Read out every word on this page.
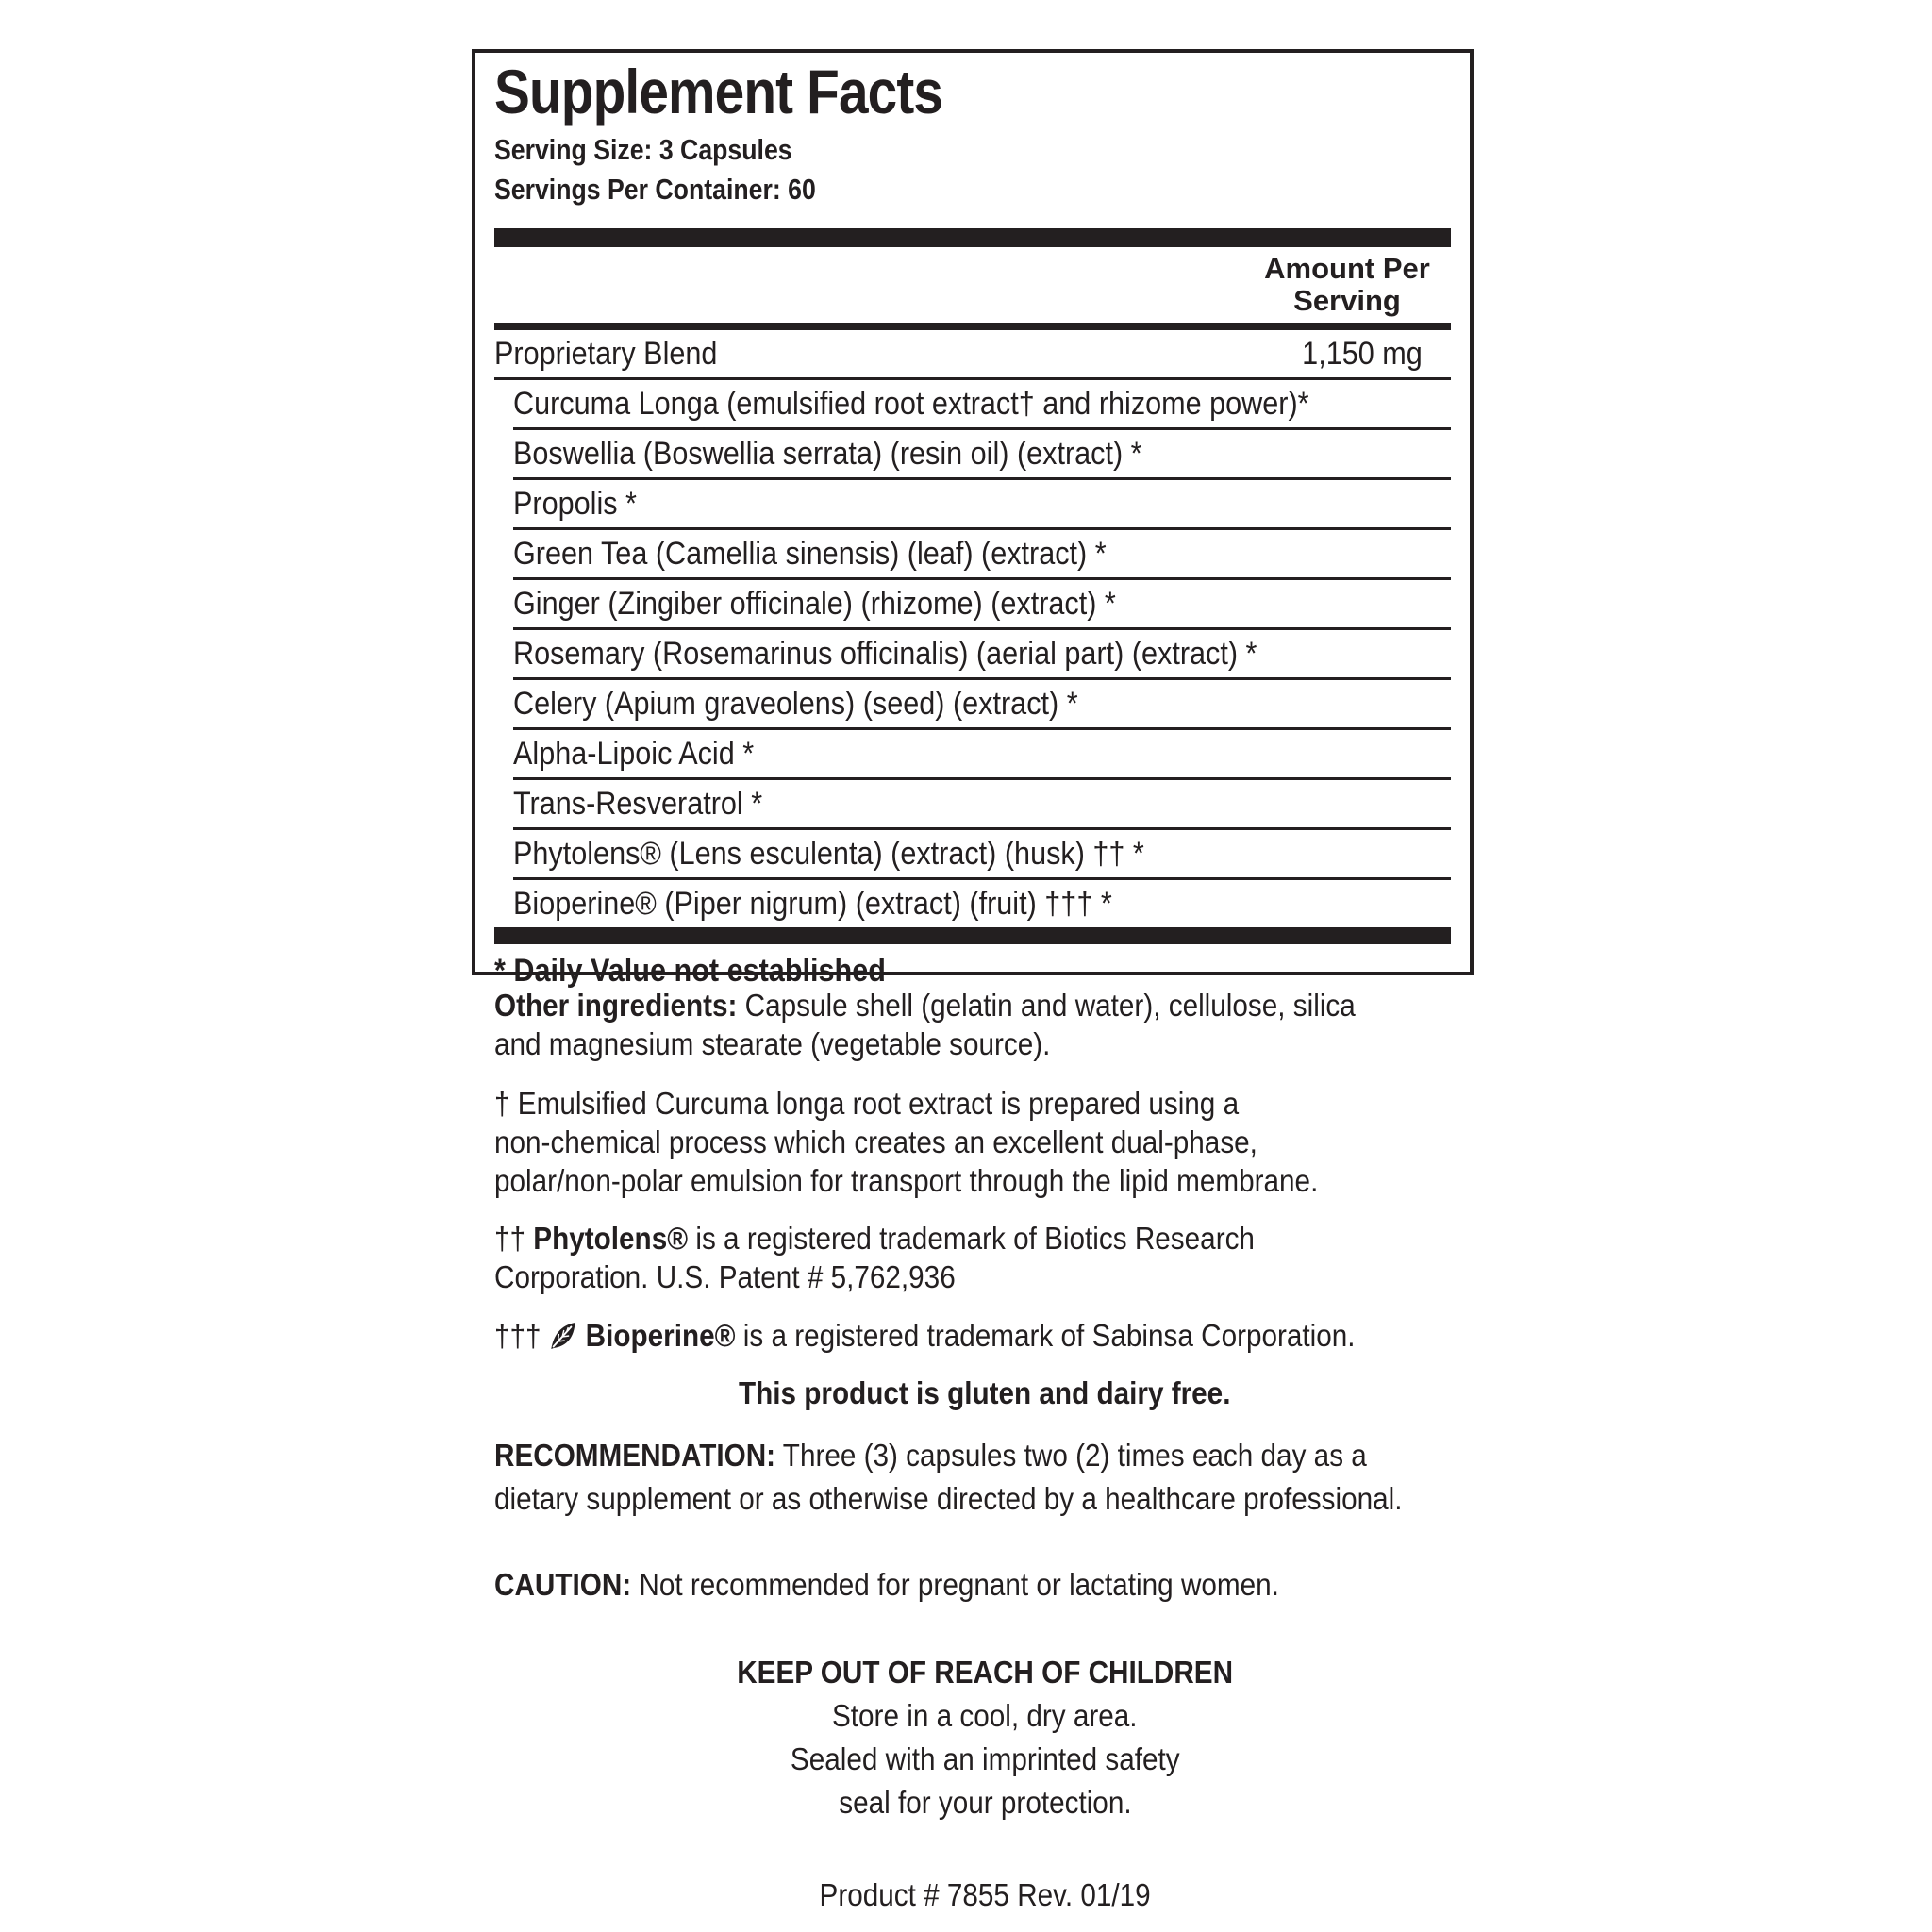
Supplement Facts
Serving Size: 3 Capsules
Servings Per Container: 60
Amount Per
Serving
Proprietary Blend	1,150 mg
Curcuma Longa (emulsified root extract† and rhizome power)*
Boswellia (Boswellia serrata) (resin oil) (extract) *
Propolis *
Green Tea (Camellia sinensis) (leaf) (extract) *
Ginger (Zingiber officinale) (rhizome) (extract) *
Rosemary (Rosemarinus officinalis) (aerial part) (extract) *
Celery (Apium graveolens) (seed) (extract) *
Alpha-Lipoic Acid *
Trans-Resveratrol *
Phytolens® (Lens esculenta) (extract) (husk) †† *
Bioperine® (Piper nigrum) (extract) (fruit) ††† *
* Daily Value not established

Other ingredients: Capsule shell (gelatin and water), cellulose, silica

and magnesium stearate (vegetable source).

† Emulsified Curcuma longa root extract is prepared using a

non-chemical process which creates an excellent dual-phase,

polar/non-polar emulsion for transport through the lipid membrane.

†† Phytolens® is a registered trademark of Biotics Research

Corporation. U.S. Patent # 5,762,936

†††  Bioperine® is a registered trademark of Sabinsa Corporation.

This product is gluten and dairy free.

RECOMMENDATION: Three (3) capsules two (2) times each day as a

dietary supplement or as otherwise directed by a healthcare professional.

CAUTION: Not recommended for pregnant or lactating women.

KEEP OUT OF REACH OF CHILDREN

Store in a cool, dry area.

Sealed with an imprinted safety

seal for your protection.

Product # 7855 Rev. 01/19
